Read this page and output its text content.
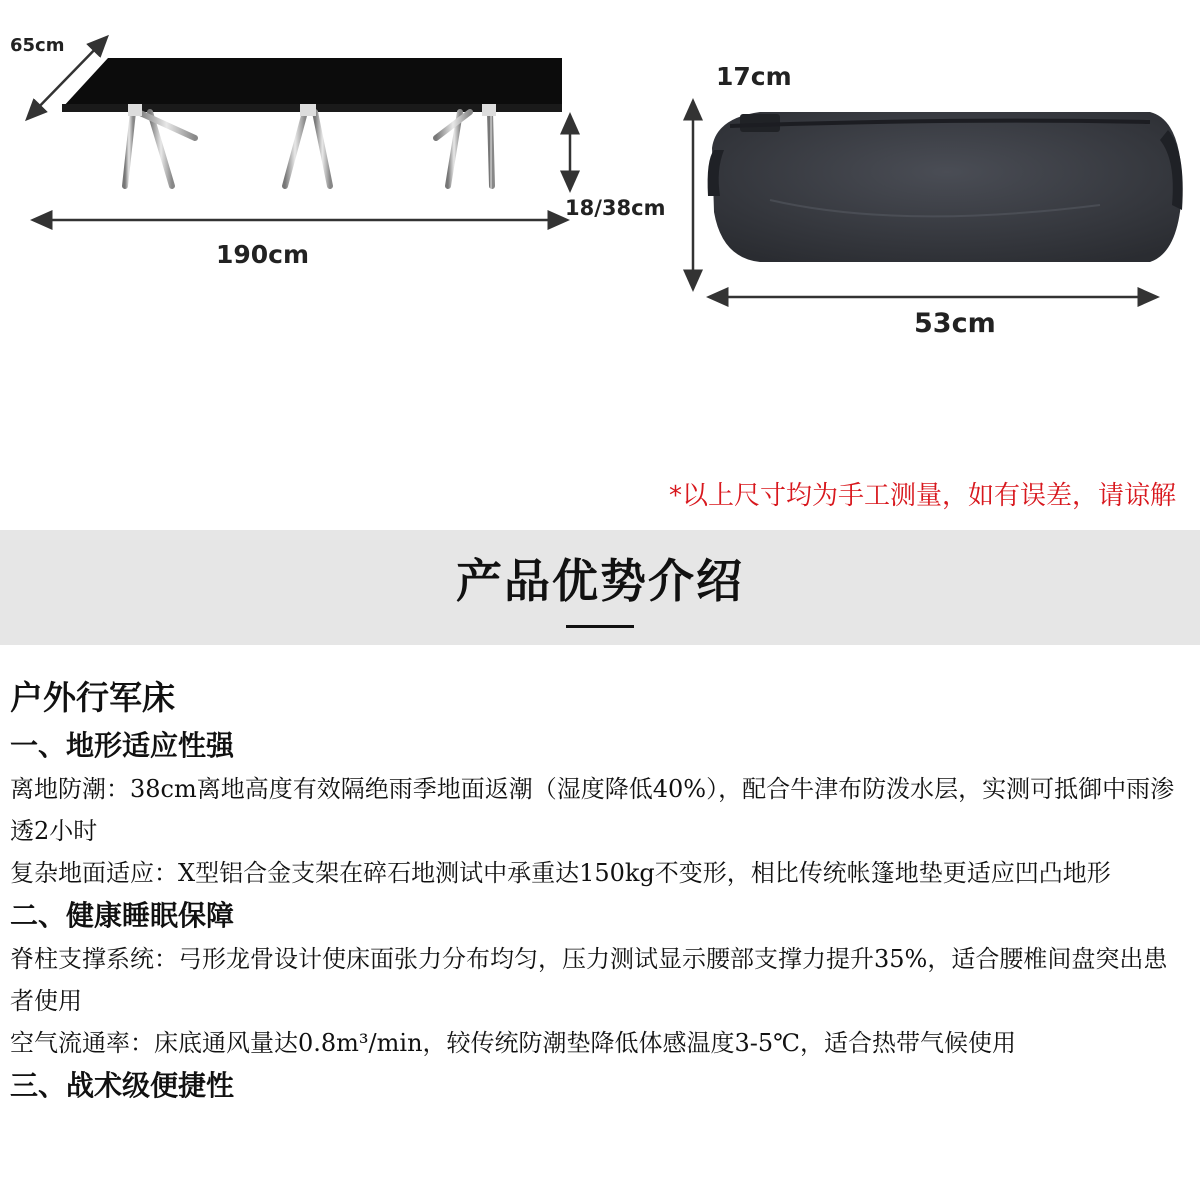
65cm
190cm
18/38cm
17cm
53cm
*以上尺寸均为手工测量，如有误差，请谅解
产品优势介绍
户外行军床
一、地形适应性强
离地防潮：38cm离地高度有效隔绝雨季地面返潮（湿度降低40%），配合牛津布防泼水层，实测可抵御中雨渗透2小时
复杂地面适应：X型铝合金支架在碎石地测试中承重达150kg不变形，相比传统帐篷地垫更适应凹凸地形
二、健康睡眠保障
脊柱支撑系统：弓形龙骨设计使床面张力分布均匀，压力测试显示腰部支撑力提升35%，适合腰椎间盘突出患者使用
空气流通率：床底通风量达0.8m³/min，较传统防潮垫降低体感温度3-5℃，适合热带气候使用
三、战术级便捷性
